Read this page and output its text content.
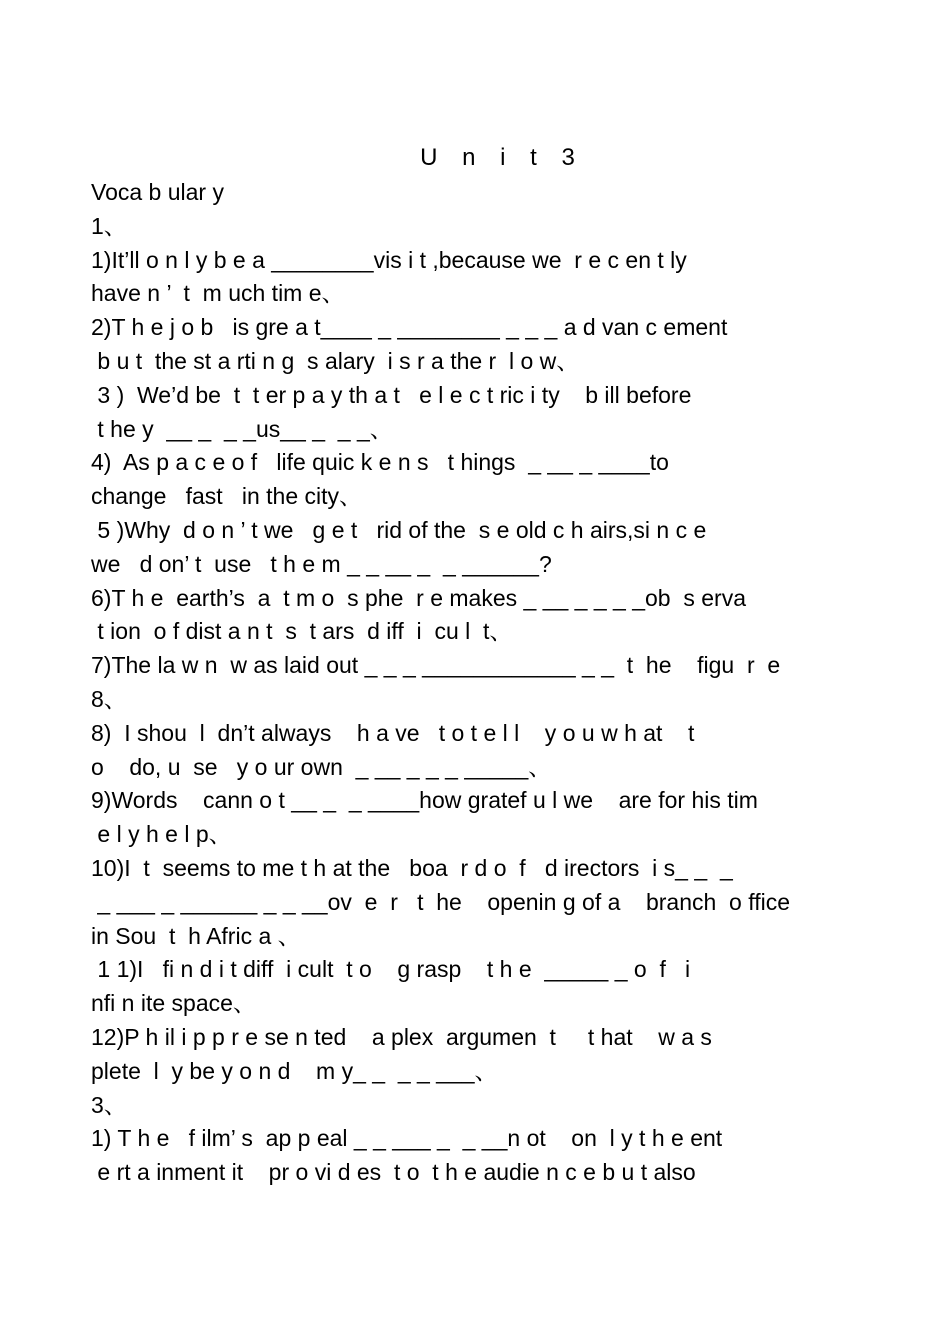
U n i t 3
Voca b ular y
1、
1)It’ll o n l y b e a ________vis i t ,because we  r e c en t ly
have n ’  t  m uch tim e、
2)T h e j o b   is gre a t____ _ ________ _ _ _ a d van c ement
b u t  the st a rti n g  s alary  i s r a the r  l o w、
3 )  We’d be  t  t er p a y th a t   e l e c t ric i ty    b ill before
t he y  __ _  _ _us__ _  _ _、
4)  As p a c e o f   life quic k e n s   t hings  _ __ _ ____to
change   fast   in the city、
5 )Why  d o n ’ t we   g e t   rid of the  s e old c h airs,si n c e
we   d on’ t  use   t h e m _ _ __ _  _ ______?
6)T h e  earth’s  a  t m o  s phe  r e makes _ __ _ _ _ _ob  s erva
t ion  o f dist a n t  s  t ars  d iff  i  cu l  t、
7)The la w n  w as laid out _ _ _ ____________ _ _  t  he    figu  r  e
8、
8)  I shou  l  dn’t always    h a ve   t o t e l l    y o u w h at    t
o    do, u  se   y o ur own  _ __ _ _ _ _____、
9)Words    cann o t __ _  _ ____how gratef u l we    are for his tim
e l y h e l p、
10)I  t  seems to me t h at the   boa  r d o  f   d irectors  i s_ _  _
_ ___ _ ______ _ _ __ov  e  r   t  he    openin g of a    branch  o ffice
in Sou  t  h Afric a 、
1 1)I   fi n d i t diff  i cult  t o    g rasp    t h e  _____ _ o  f   i
nfi n ite space、
12)P h il i p p r e se n ted    a plex  argumen  t     t hat    w a s
plete  l  y be y o n d    m y_ _  _ _ ___、
3、
1) T h e   f ilm’ s  ap p eal _ _ ___ _  _ __n ot    on  l y t h e ent
e rt a inment it    pr o vi d es  t o  t h e audie n c e b u t also
